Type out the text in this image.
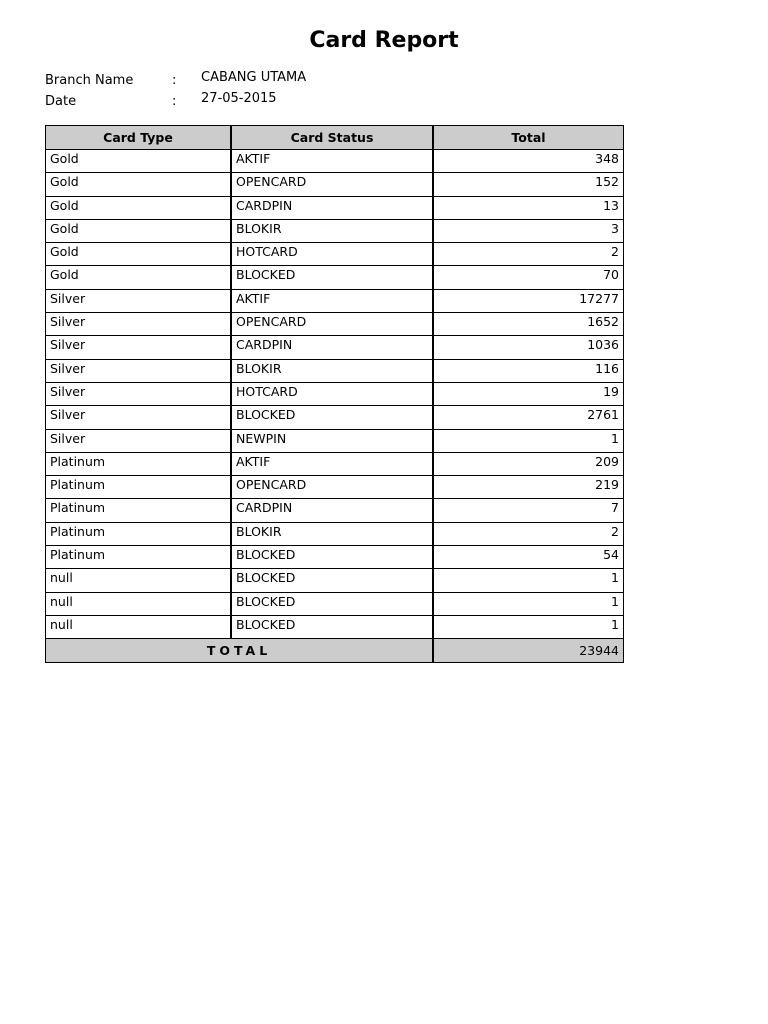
Card Report
Branch Name	: CABANG UTAMA
Date	: 27-05-2015
Card Type	Card Status	Total
Gold	AKTIF	348
Gold	OPENCARD	152
Gold	CARDPIN	13
Gold	BLOKIR	3
Gold	HOTCARD	2
Gold	BLOCKED	70
Silver	AKTIF	17277
Silver	OPENCARD	1652
Silver	CARDPIN	1036
Silver	BLOKIR	116
Silver	HOTCARD	19
Silver	BLOCKED	2761
Silver	NEWPIN	1
Platinum	AKTIF	209
Platinum	OPENCARD	219
Platinum	CARDPIN	7
Platinum	BLOKIR	2
Platinum	BLOCKED	54
null	BLOCKED	1
null	BLOCKED	1
null	BLOCKED	1
TOTAL		23944
